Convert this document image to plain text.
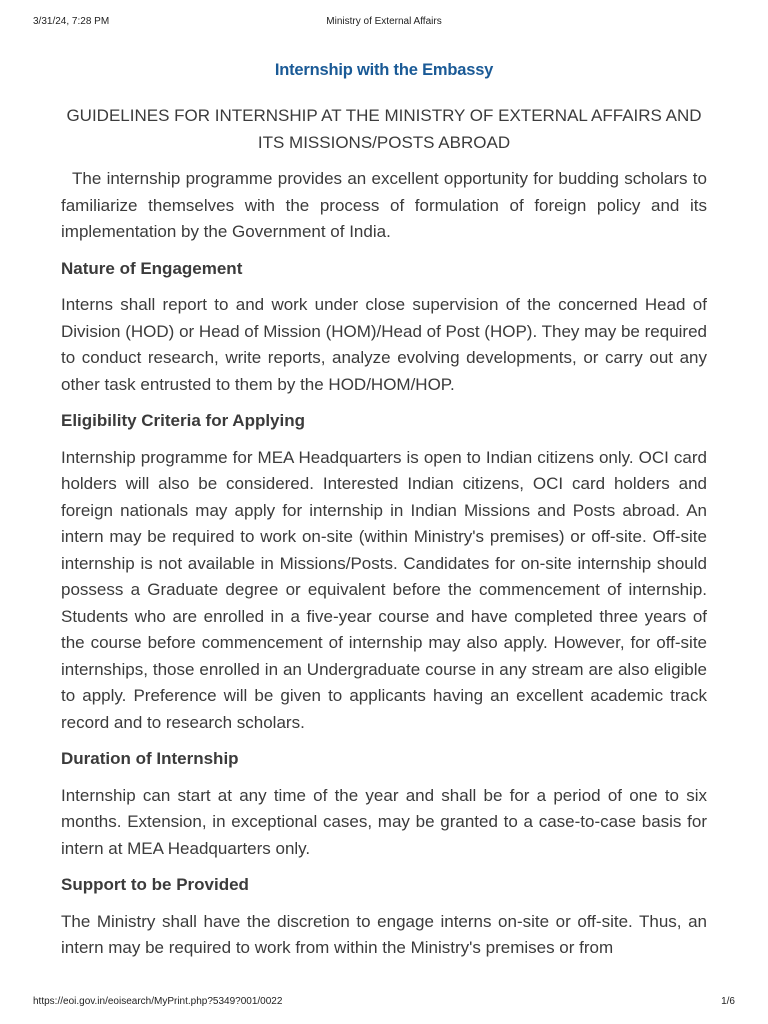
3/31/24, 7:28 PM	Ministry of External Affairs
Internship with the Embassy
GUIDELINES FOR INTERNSHIP AT THE MINISTRY OF EXTERNAL AFFAIRS AND ITS MISSIONS/POSTS ABROAD

The internship programme provides an excellent opportunity for budding scholars to familiarize themselves with the process of formulation of foreign policy and its implementation by the Government of India.

Nature of Engagement

Interns shall report to and work under close supervision of the concerned Head of Division (HOD) or Head of Mission (HOM)/Head of Post (HOP). They may be required to conduct research, write reports, analyze evolving developments, or carry out any other task entrusted to them by the HOD/HOM/HOP.

Eligibility Criteria for Applying

Internship programme for MEA Headquarters is open to Indian citizens only. OCI card holders will also be considered. Interested Indian citizens, OCI card holders and foreign nationals may apply for internship in Indian Missions and Posts abroad. An intern may be required to work on-site (within Ministry's premises) or off-site. Off-site internship is not available in Missions/Posts. Candidates for on-site internship should possess a Graduate degree or equivalent before the commencement of internship. Students who are enrolled in a five-year course and have completed three years of the course before commencement of internship may also apply. However, for off-site internships, those enrolled in an Undergraduate course in any stream are also eligible to apply. Preference will be given to applicants having an excellent academic track record and to research scholars.

Duration of Internship

Internship can start at any time of the year and shall be for a period of one to six months. Extension, in exceptional cases, may be granted to a case-to-case basis for intern at MEA Headquarters only.

Support to be Provided

The Ministry shall have the discretion to engage interns on-site or off-site. Thus, an intern may be required to work from within the Ministry's premises or from

https://eoi.gov.in/eoisearch/MyPrint.php?5349?001/0022	1/6
